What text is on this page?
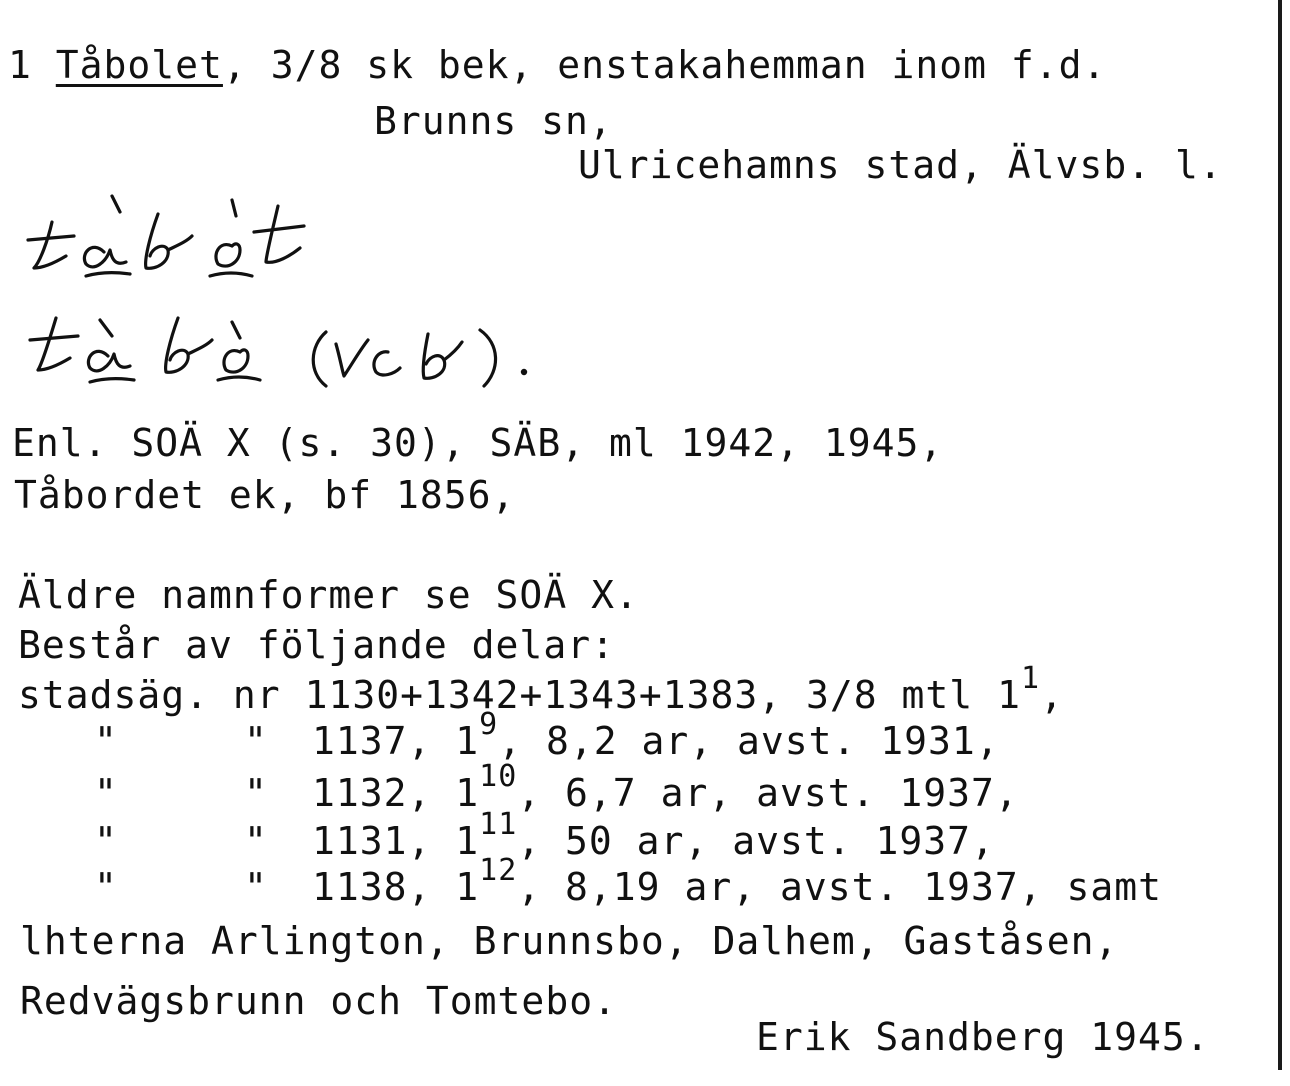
1 Tåbolet, 3/8 sk bek, enstakahemman inom f.d.
Brunns sn,
Ulricehamns stad, Älvsb. l.
Enl. SOÄ X (s. 30), SÄB, ml 1942, 1945,
Tåbordet ek, bf 1856,
Äldre namnformer se SOÄ X.
Består av följande delar:
stadsäg. nr 1130+1342+1343+1383, 3/8 mtl $1^1$,
"	" 1137, $1^9$, 8,2 ar, avst. 1931,
"	" 1132, $1^{10}$, 6,7 ar, avst. 1937,
"	" 1131, $1^{11}$, 50 ar, avst. 1937,
"	" 1138, $1^{12}$, 8,19 ar, avst. 1937, samt
lhterna Arlington, Brunnsbo, Dalhem, Gaståsen,
Redvägsbrunn och Tomtebo.
Erik Sandberg 1945.
